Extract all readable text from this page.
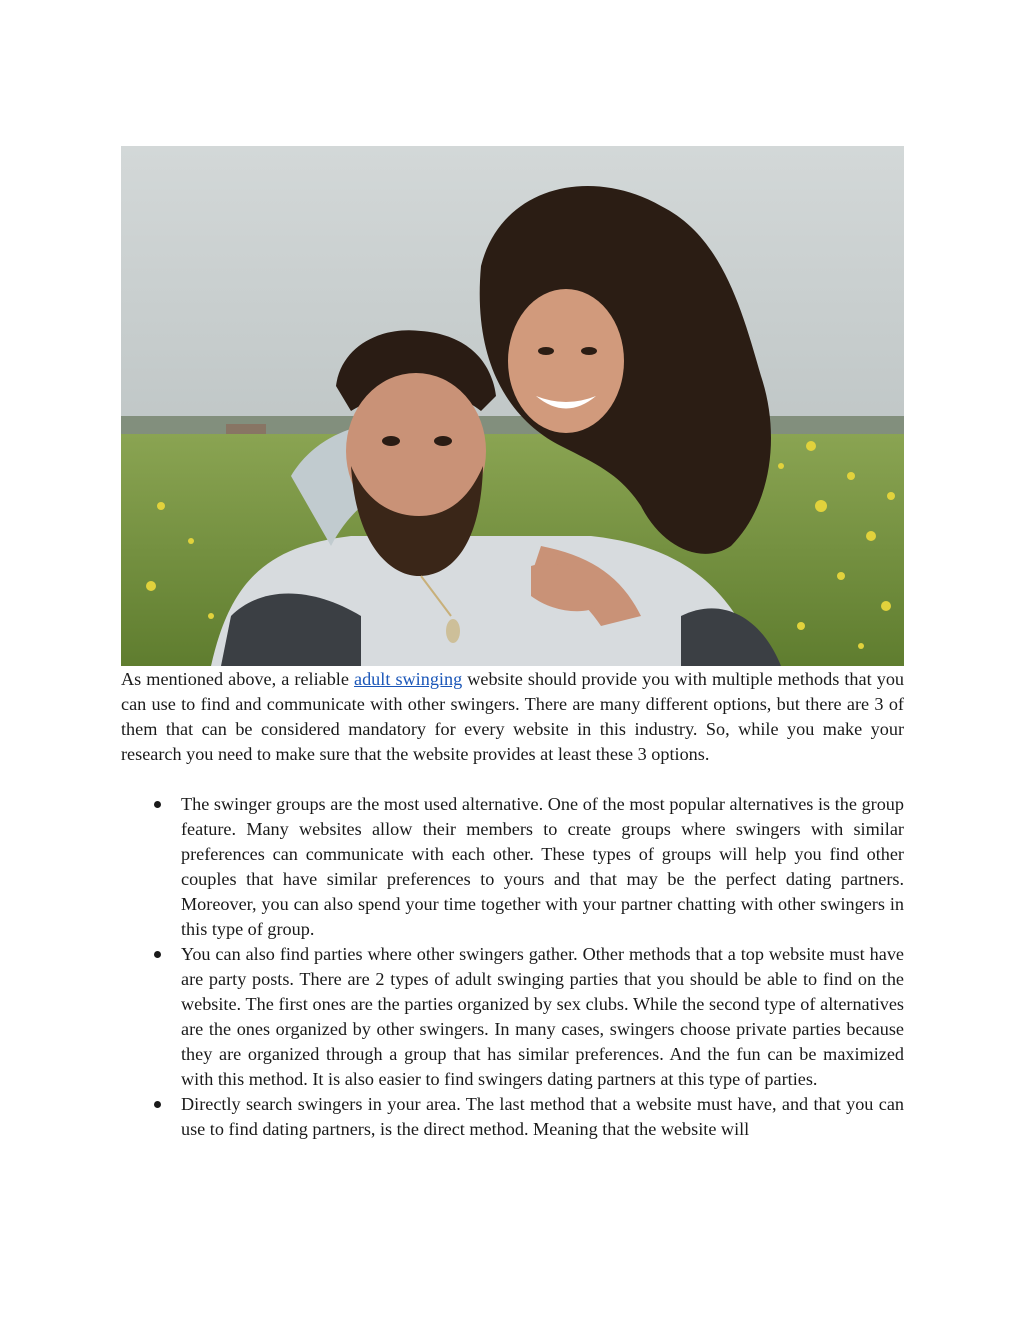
As mentioned above, a reliable adult swinging website should provide you with multiple methods that you can use to find and communicate with other swingers. There are many different options, but there are 3 of them that can be considered mandatory for every website in this industry. So, while you make your research you need to make sure that the website provides at least these 3 options.

The swinger groups are the most used alternative. One of the most popular alternatives is the group feature. Many websites allow their members to create groups where swingers with similar preferences can communicate with each other. These types of groups will help you find other couples that have similar preferences to yours and that may be the perfect dating partners. Moreover, you can also spend your time together with your partner chatting with other swingers in this type of group.
You can also find parties where other swingers gather. Other methods that a top website must have are party posts. There are 2 types of adult swinging parties that you should be able to find on the website. The first ones are the parties organized by sex clubs. While the second type of alternatives are the ones organized by other swingers. In many cases, swingers choose private parties because they are organized through a group that has similar preferences. And the fun can be maximized with this method. It is also easier to find swingers dating partners at this type of parties.
Directly search swingers in your area. The last method that a website must have, and that you can use to find dating partners, is the direct method. Meaning that the website will
